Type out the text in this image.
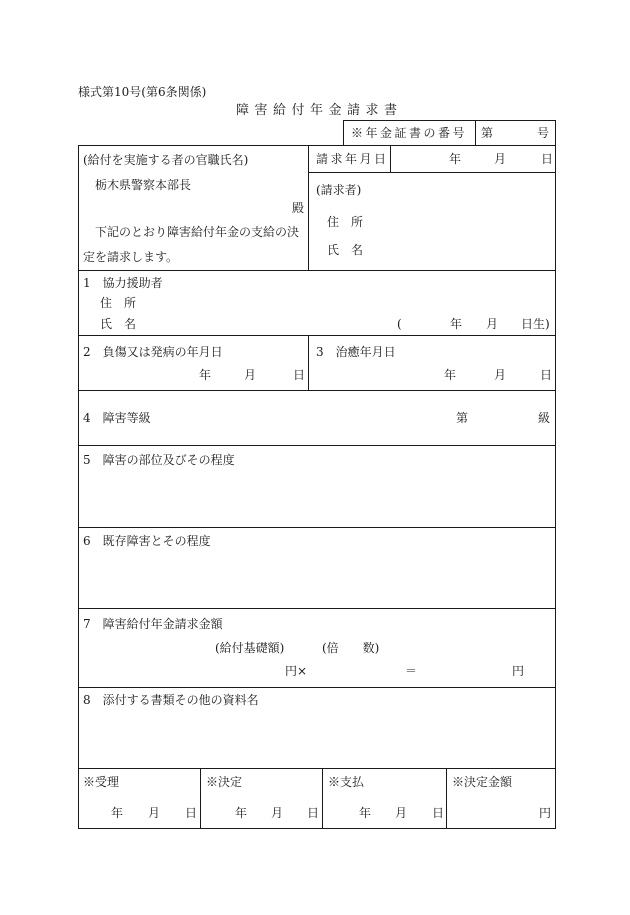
様式第10号(第6条関係)
障害給付年金請求書
※年金証書の番号 第	号
(給付を実施する者の官職氏名)
栃木県警察本部長
殿
下記のとおり障害給付年金の支給の決
定を請求します。
請求年月日	年	月	日
(請求者)
住　所
氏　名
1　協力援助者
住　所
氏　名	(	年 月 日生)
2　負傷又は発病の年月日
年	月	日
3　治癒年月日
年	月	日
4　障害等級	第	級
5　障害の部位及びその程度
6　既存障害とその程度
7　障害給付年金請求金額
(給付基礎額)	(倍　　数)
円×	＝	円
8　添付する書類その他の資料名
※受理
年 月 日
※決定
年 月 日
※支払
年 月 日
※決定金額
円
